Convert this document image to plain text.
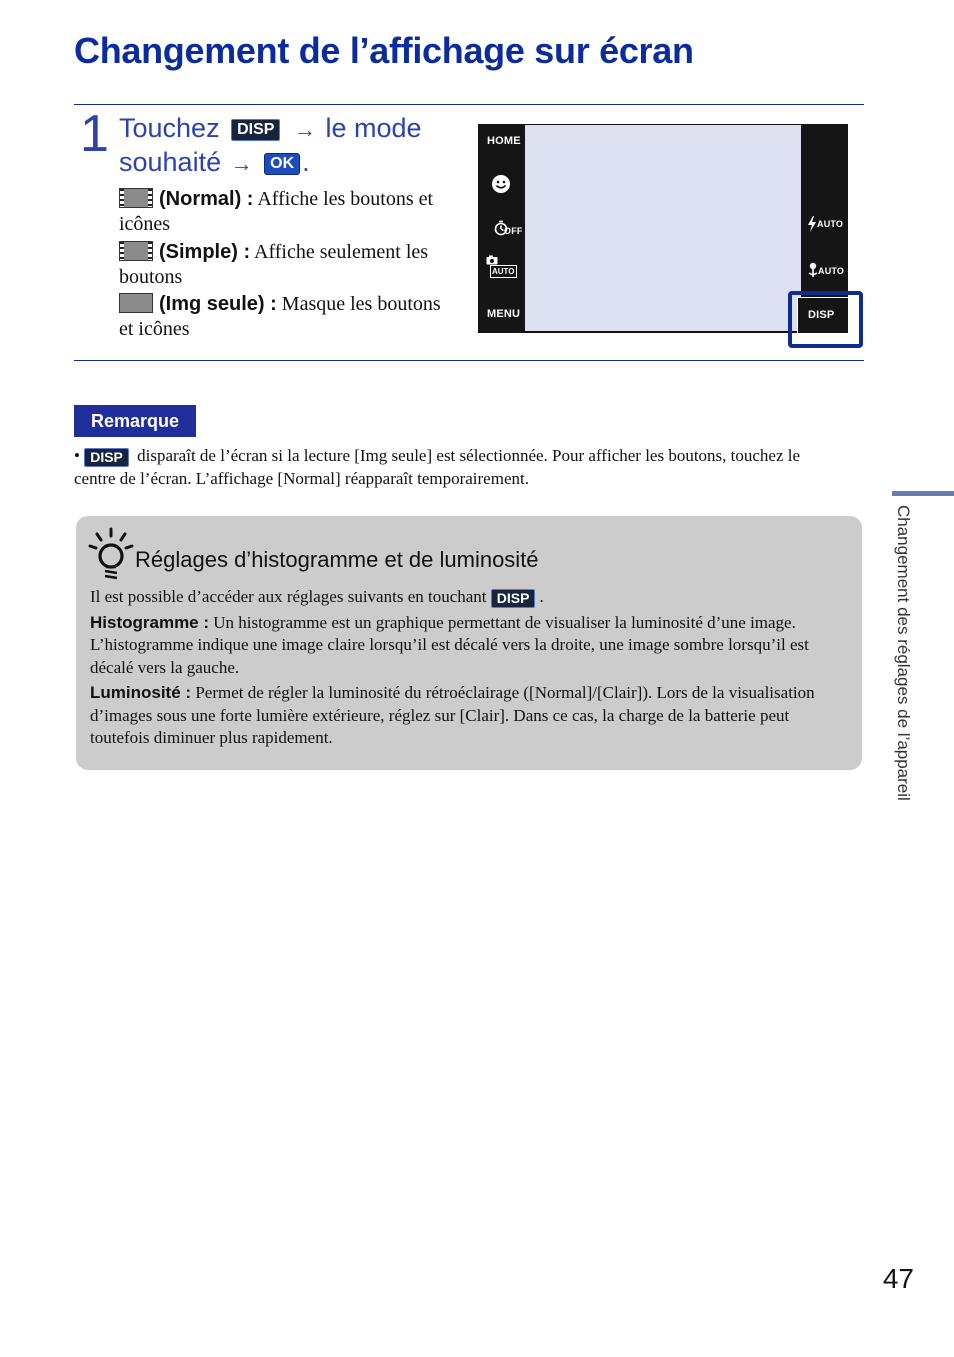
Changement de l’affichage sur écran
1 Touchez DISP → le mode
souhaité → OK .
(Normal) : Affiche les boutons et icônes
(Simple) : Affiche seulement les boutons
(Img seule) : Masque les boutons et icônes
HOME
OFF
AUTO
MENU
AUTO
AUTO
DISP
Remarque
• DISP disparaît de l’écran si la lecture [Img seule] est sélectionnée. Pour afficher les boutons, touchez le centre de l’écran. L’affichage [Normal] réapparaît temporairement.
Réglages d’histogramme et de luminosité

Il est possible d’accéder aux réglages suivants en touchant DISP .

Histogramme : Un histogramme est un graphique permettant de visualiser la luminosité d’une image. L’histogramme indique une image claire lorsqu’il est décalé vers la droite, une image sombre lorsqu’il est décalé vers la gauche.

Luminosité : Permet de régler la luminosité du rétroéclairage ([Normal]/[Clair]). Lors de la visualisation d’images sous une forte lumière extérieure, réglez sur [Clair]. Dans ce cas, la charge de la batterie peut toutefois diminuer plus rapidement.	Changement des réglages de l’appareil
47
